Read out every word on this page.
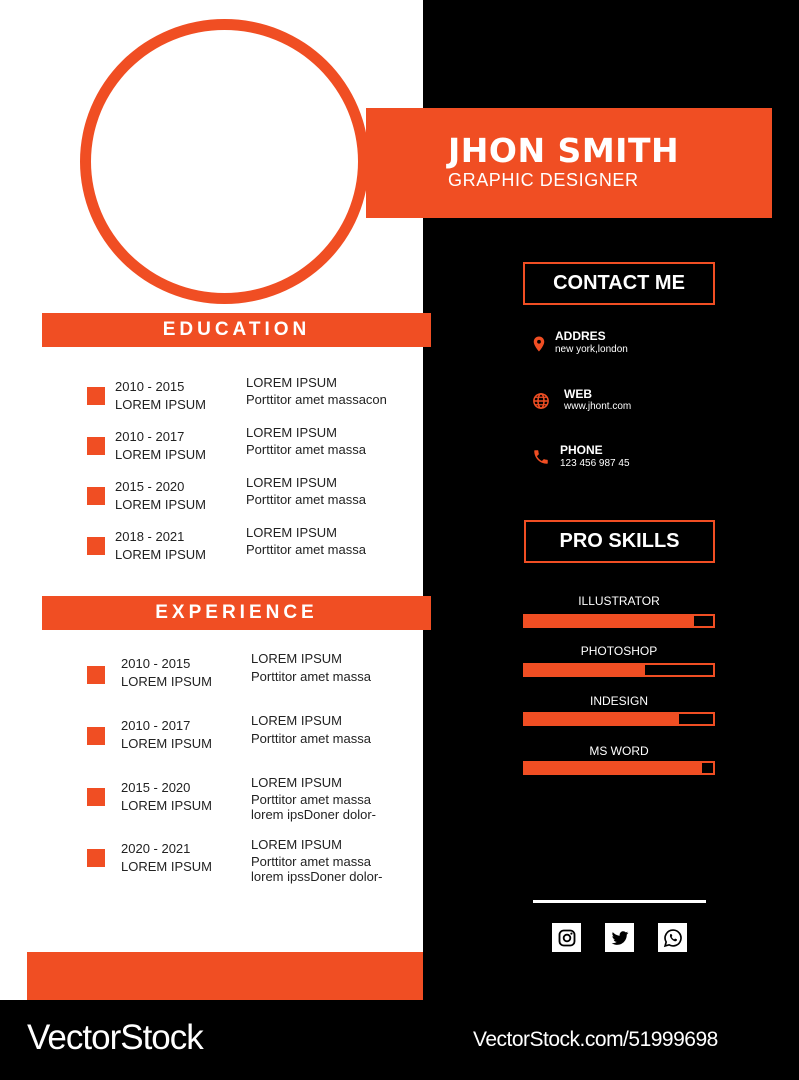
JHON SMITH
GRAPHIC DESIGNER
EDUCATION
2010 - 2015
LOREM IPSUM
LOREM IPSUM
Porttitor amet massacon
2010 - 2017
LOREM IPSUM
LOREM IPSUM
Porttitor amet massa
2015 - 2020
LOREM IPSUM
LOREM IPSUM
Porttitor amet massa
2018 - 2021
LOREM IPSUM
LOREM IPSUM
Porttitor amet massa
EXPERIENCE
2010 - 2015
LOREM IPSUM
LOREM IPSUM
Porttitor amet massa
2010 - 2017
LOREM IPSUM
LOREM IPSUM
Porttitor amet massa
2015 - 2020
LOREM IPSUM
LOREM IPSUM
Porttitor amet massa
lorem ipsDoner dolor-
2020 - 2021
LOREM IPSUM
LOREM IPSUM
Porttitor amet massa
lorem ipssDoner dolor-
CONTACT ME
ADDRES
new york,london
WEB
www.jhont.com
PHONE
123 456 987 45
PRO SKILLS
ILLUSTRATOR
PHOTOSHOP
INDESIGN
MS WORD
VectorStock	VectorStock.com/51999698
